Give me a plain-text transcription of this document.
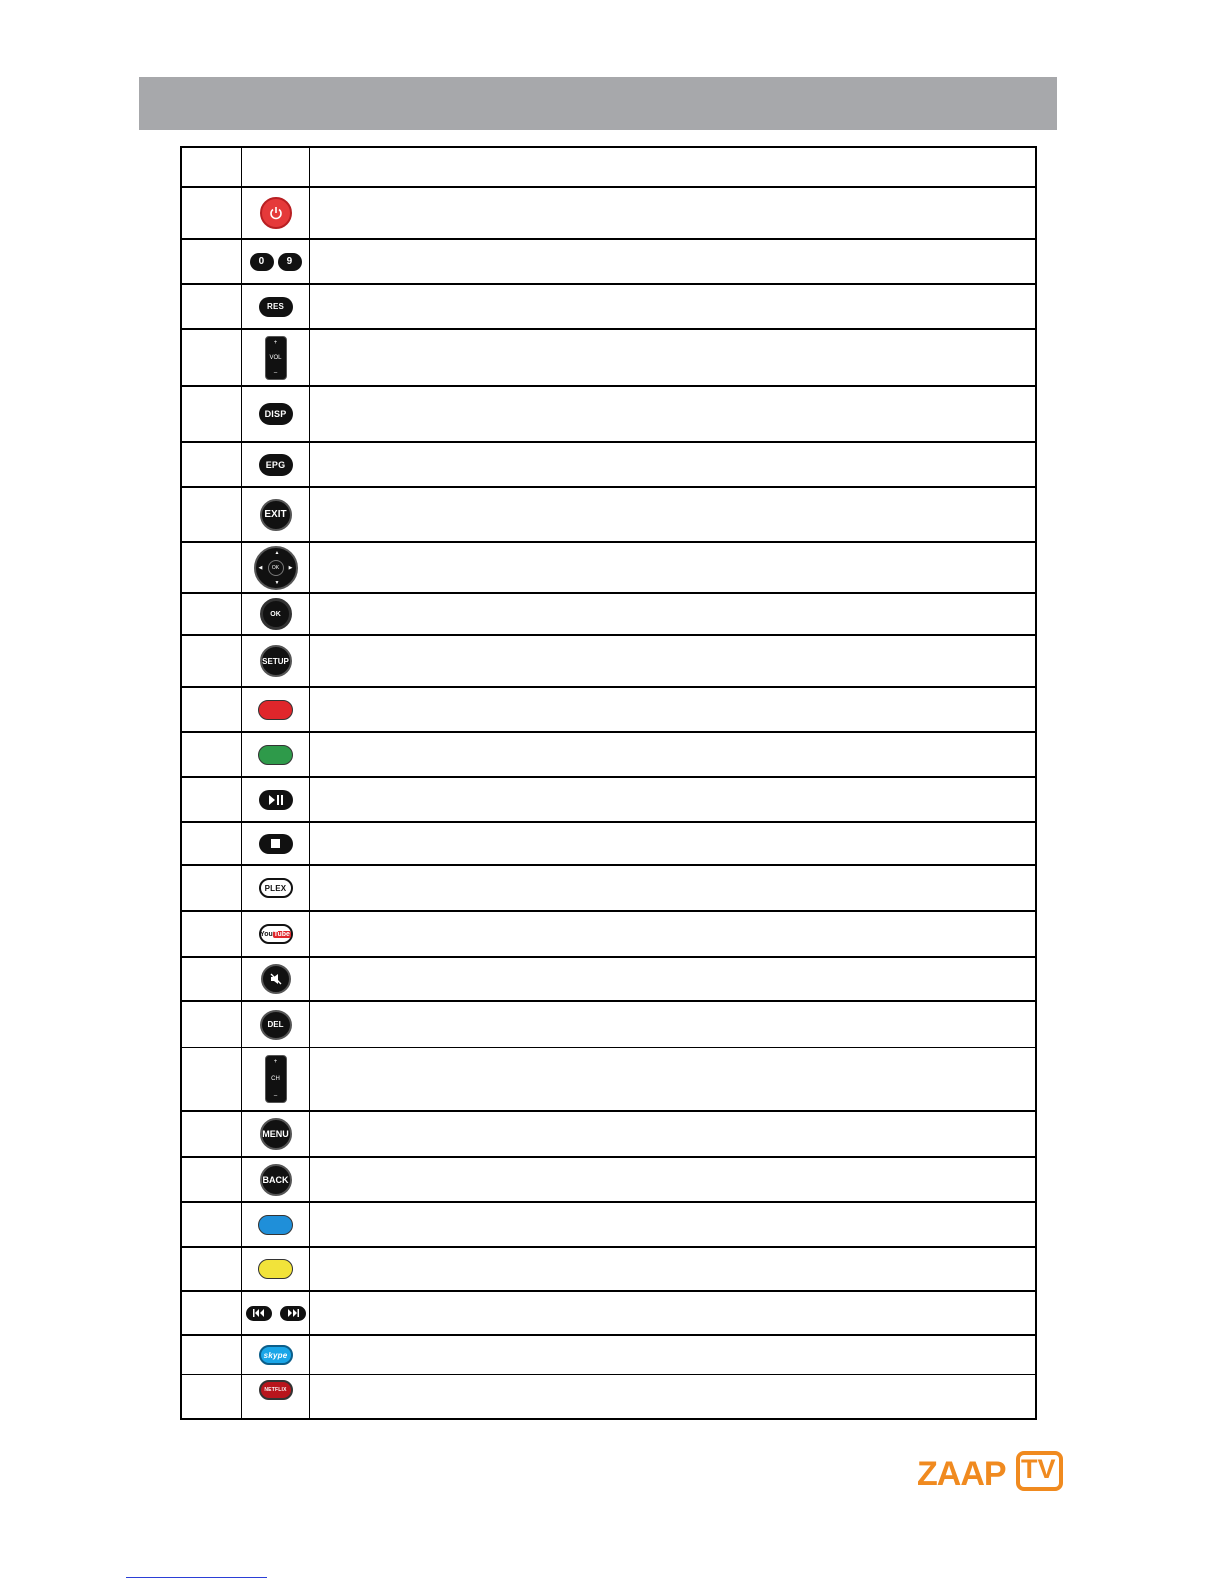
0	9
RES
+
VOL
–
DISP
EPG
EXIT
▲
▼
◀	▶
OK
OK
SETUP
PLEX
You Tube
DEL
+
CH
–
MENU
BACK
skype
NETFLIX
ZAAP TV
